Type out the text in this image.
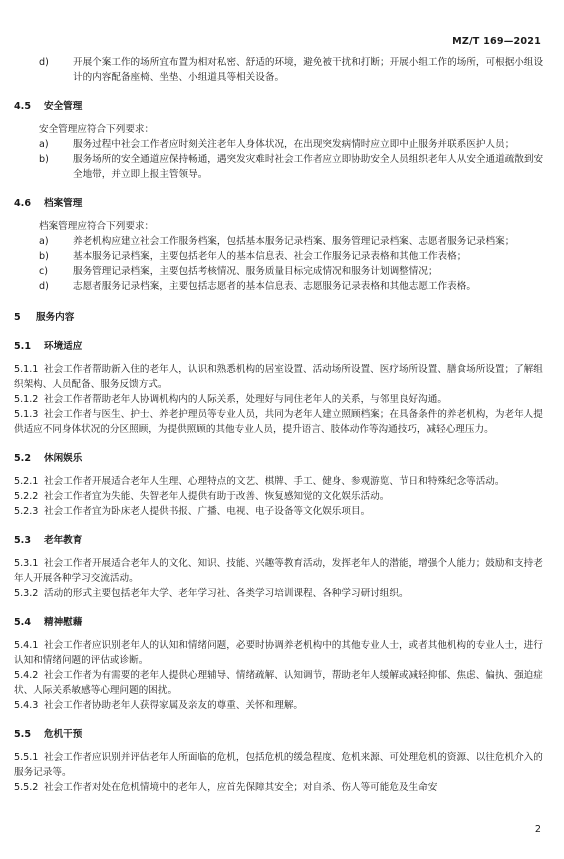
MZ/T 169—2021
d)	开展个案工作的场所宜布置为相对私密、舒适的环境，避免被干扰和打断；开展小组工作的场所，可根据小组设计的内容配备座椅、坐垫、小组道具等相关设备。
4.5 安全管理
安全管理应符合下列要求：
a)	服务过程中社会工作者应时刻关注老年人身体状况，在出现突发病情时应立即中止服务并联系医护人员；
b)	服务场所的安全通道应保持畅通，遇突发灾难时社会工作者应立即协助安全人员组织老年人从安全通道疏散到安全地带，并立即上报主管领导。
4.6 档案管理
档案管理应符合下列要求：
a)	养老机构应建立社会工作服务档案，包括基本服务记录档案、服务管理记录档案、志愿者服务记录档案；
b)	基本服务记录档案，主要包括老年人的基本信息表、社会工作服务记录表格和其他工作表格；
c)	服务管理记录档案，主要包括考核情况、服务质量目标完成情况和服务计划调整情况；
d)	志愿者服务记录档案，主要包括志愿者的基本信息表、志愿服务记录表格和其他志愿工作表格。
5 服务内容
5.1 环境适应
5.1.1 社会工作者帮助新入住的老年人，认识和熟悉机构的居室设置、活动场所设置、医疗场所设置、膳食场所设置；了解组织架构、人员配备、服务反馈方式。
5.1.2 社会工作者帮助老年人协调机构内的人际关系，处理好与同住老年人的关系，与邻里良好沟通。
5.1.3 社会工作者与医生、护士、养老护理员等专业人员，共同为老年人建立照顾档案；在具备条件的养老机构，为老年人提供适应不同身体状况的分区照顾，为提供照顾的其他专业人员，提升语言、肢体动作等沟通技巧，减轻心理压力。
5.2 休闲娱乐
5.2.1 社会工作者开展适合老年人生理、心理特点的文艺、棋牌、手工、健身、参观游览、节日和特殊纪念等活动。
5.2.2 社会工作者宜为失能、失智老年人提供有助于改善、恢复感知觉的文化娱乐活动。
5.2.3 社会工作者宜为卧床老人提供书报、广播、电视、电子设备等文化娱乐项目。
5.3 老年教育
5.3.1 社会工作者开展适合老年人的文化、知识、技能、兴趣等教育活动，发挥老年人的潜能，增强个人能力；鼓励和支持老年人开展各种学习交流活动。
5.3.2 活动的形式主要包括老年大学、老年学习社、各类学习培训课程、各种学习研讨组织。
5.4 精神慰藉
5.4.1 社会工作者应识别老年人的认知和情绪问题，必要时协调养老机构中的其他专业人士，或者其他机构的专业人士，进行认知和情绪问题的评估或诊断。
5.4.2 社会工作者为有需要的老年人提供心理辅导、情绪疏解、认知调节，帮助老年人缓解或减轻抑郁、焦虑、偏执、强迫症状、人际关系敏感等心理问题的困扰。
5.4.3 社会工作者协助老年人获得家属及亲友的尊重、关怀和理解。
5.5 危机干预
5.5.1 社会工作者应识别并评估老年人所面临的危机，包括危机的缓急程度、危机来源、可处理危机的资源、以往危机介入的服务记录等。
5.5.2 社会工作者对处在危机情境中的老年人，应首先保障其安全；对自杀、伤人等可能危及生命安
2
